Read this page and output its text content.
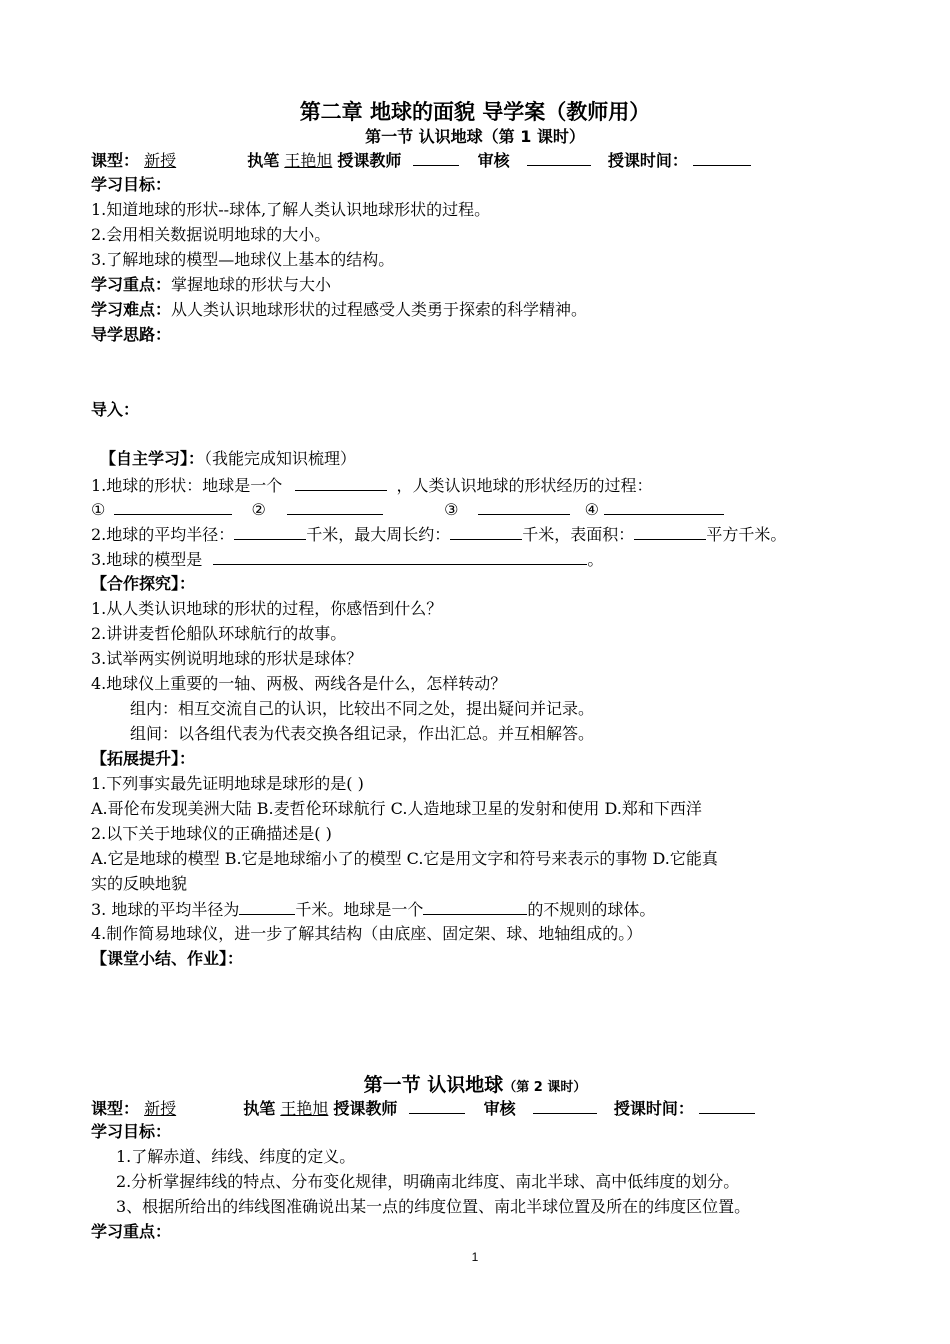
第二章 地球的面貌 导学案（教师用）
第一节 认识地球（第 1 课时）
课型： 新授	执笔 王艳旭 授课教师	审核	授课时间：
学习目标：
1.知道地球的形状--球体,了解人类认识地球形状的过程。
2.会用相关数据说明地球的大小。
3.了解地球的模型—地球仪上基本的结构。
学习重点：掌握地球的形状与大小
学习难点：从人类认识地球形状的过程感受人类勇于探索的科学精神。
导学思路：
导入：
【自主学习】：（我能完成知识梳理）
1.地球的形状：地球是一个	，人类认识地球的形状经历的过程：
①	②	③	④
2.地球的平均半径：	千米，最大周长约：	千米，表面积：	平方千米。
3.地球的模型是	。
【合作探究】：
1.从人类认识地球的形状的过程，你感悟到什么？
2.讲讲麦哲伦船队环球航行的故事。
3.试举两实例说明地球的形状是球体？
4.地球仪上重要的一轴、两极、两线各是什么，怎样转动？
组内：相互交流自己的认识，比较出不同之处，提出疑问并记录。
组间：以各组代表为代表交换各组记录，作出汇总。并互相解答。
【拓展提升】：
1.下列事实最先证明地球是球形的是( )
A.哥伦布发现美洲大陆 B.麦哲伦环球航行 C.人造地球卫星的发射和使用 D.郑和下西洋
2.以下关于地球仪的正确描述是( )
A.它是地球的模型 B.它是地球缩小了的模型 C.它是用文字和符号来表示的事物 D.它能真
实的反映地貌
3. 地球的平均半径为	千米。地球是一个	的不规则的球体。
4.制作简易地球仪，进一步了解其结构（由底座、固定架、球、地轴组成的。）
【课堂小结、作业】：
第一节 认识地球（第 2 课时）
课型： 新授	执笔 王艳旭 授课教师	审核	授课时间：
学习目标：
1.了解赤道、纬线、纬度的定义。
2.分析掌握纬线的特点、分布变化规律，明确南北纬度、南北半球、高中低纬度的划分。
3、根据所给出的纬线图准确说出某一点的纬度位置、南北半球位置及所在的纬度区位置。
学习重点：
1
